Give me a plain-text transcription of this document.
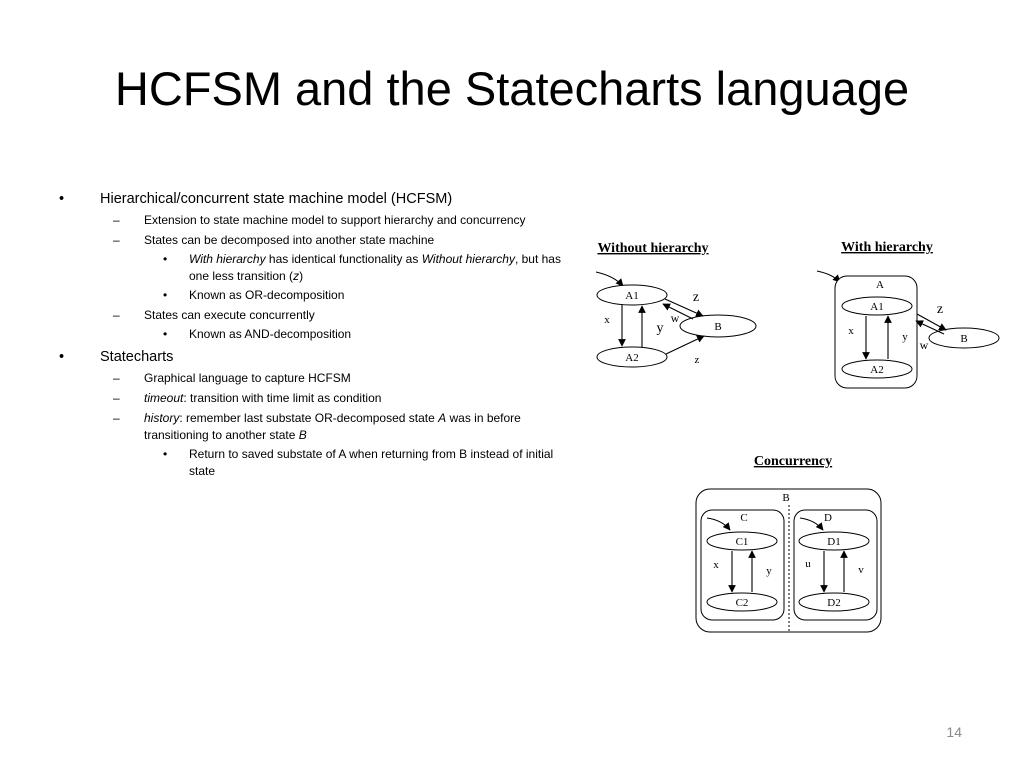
HCFSM and the Statecharts language
• Hierarchical/concurrent state machine model (HCFSM)
– Extension to state machine model to support hierarchy and concurrency
– States can be decomposed into another state machine
• With hierarchy has identical functionality as Without hierarchy, but has one less transition (z)
• Known as OR-decomposition
– States can execute concurrently
• Known as AND-decomposition
• Statecharts
– Graphical language to capture HCFSM
– timeout: transition with time limit as condition
– history: remember last substate OR-decomposed state A was in before transitioning to another state B
• Return to saved substate of A when returning from B instead of initial state
Without hierarchy
A1
A2
B
x
y
z
w
z
With hierarchy
A
A1
A2
B
x	y
z
w
Concurrency
B
C
C1
C2
x	y
D
D1
D2
u	v
14
